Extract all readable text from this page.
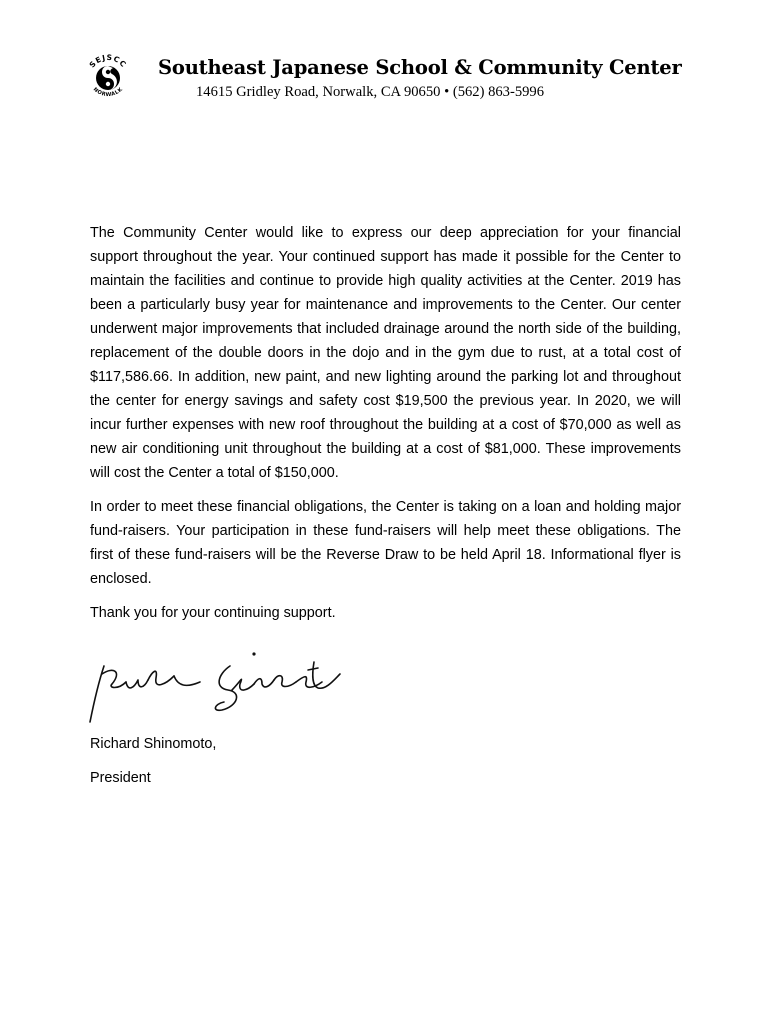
SEJSCC
NORWALK
Southeast Japanese School & Community Center

14615 Gridley Road, Norwalk, CA 90650 • (562) 863-5996

The Community Center would like to express our deep appreciation for your financial support throughout the year. Your continued support has made it possible for the Center to maintain the facilities and continue to provide high quality activities at the Center. 2019 has been a particularly busy year for maintenance and improvements to the Center. Our center underwent major improvements that included drainage around the north side of the building, replacement of the double doors in the dojo and in the gym due to rust, at a total cost of $117,586.66. In addition, new paint, and new lighting around the parking lot and throughout the center for energy savings and safety cost $19,500 the previous year. In 2020, we will incur further expenses with new roof throughout the building at a cost of $70,000 as well as new air conditioning unit throughout the building at a cost of $81,000. These improvements will cost the Center a total of $150,000.

In order to meet these financial obligations, the Center is taking on a loan and holding major fund-raisers. Your participation in these fund-raisers will help meet these obligations. The first of these fund-raisers will be the Reverse Draw to be held April 18. Informational flyer is enclosed.

Thank you for your continuing support.

Richard Shinomoto,
President
